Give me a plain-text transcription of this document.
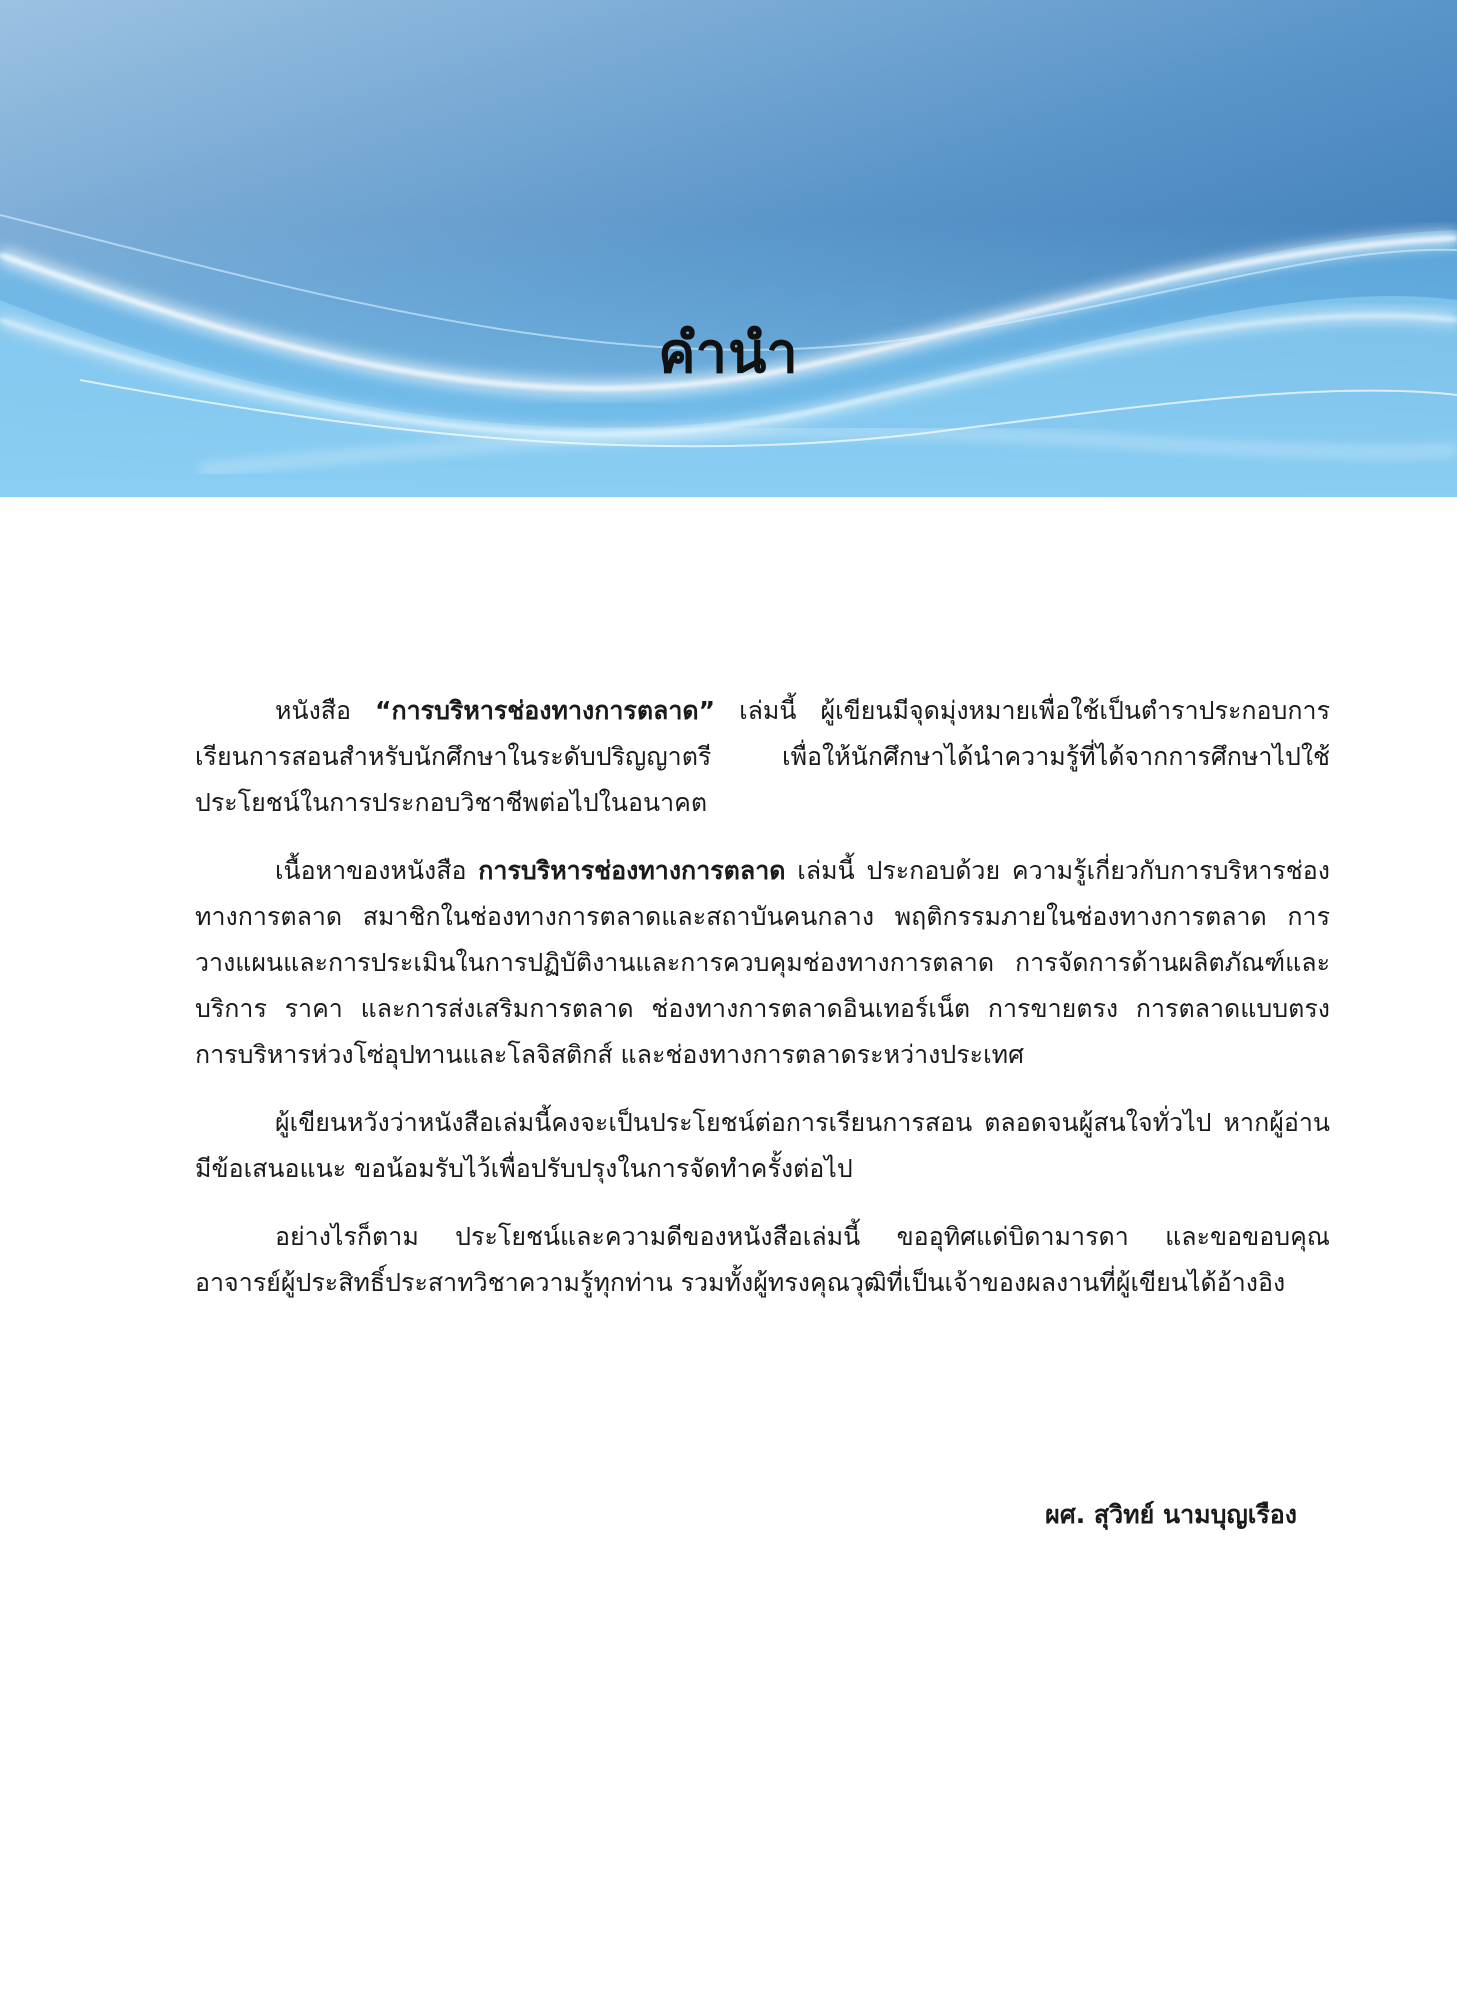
คำนำ

หนังสือ “การบริหารช่องทางการตลาด” เล่มนี้ ผู้เขียนมีจุดมุ่งหมายเพื่อใช้เป็นตำราประกอบการเรียนการสอนสำหรับนักศึกษาในระดับปริญญาตรี เพื่อให้นักศึกษาได้นำความรู้ที่ได้จากการศึกษาไปใช้ประโยชน์ในการประกอบวิชาชีพต่อไปในอนาคต

เนื้อหาของหนังสือ การบริหารช่องทางการตลาด เล่มนี้ ประกอบด้วย ความรู้เกี่ยวกับการบริหารช่องทางการตลาด สมาชิกในช่องทางการตลาดและสถาบันคนกลาง พฤติกรรมภายในช่องทางการตลาด การวางแผนและการประเมินในการปฏิบัติงานและการควบคุมช่องทางการตลาด การจัดการด้านผลิตภัณฑ์และบริการ ราคา และการส่งเสริมการตลาด ช่องทางการตลาดอินเทอร์เน็ต การขายตรง การตลาดแบบตรง การบริหารห่วงโซ่อุปทานและโลจิสติกส์ และช่องทางการตลาดระหว่างประเทศ

ผู้เขียนหวังว่าหนังสือเล่มนี้คงจะเป็นประโยชน์ต่อการเรียนการสอน ตลอดจนผู้สนใจทั่วไป หากผู้อ่านมีข้อเสนอแนะ ขอน้อมรับไว้เพื่อปรับปรุงในการจัดทำครั้งต่อไป

อย่างไรก็ตาม ประโยชน์และความดีของหนังสือเล่มนี้ ขออุทิศแด่บิดามารดา และขอขอบคุณอาจารย์ผู้ประสิทธิ์ประสาทวิชาความรู้ทุกท่าน รวมทั้งผู้ทรงคุณวุฒิที่เป็นเจ้าของผลงานที่ผู้เขียนได้อ้างอิง

ผศ. สุวิทย์ นามบุญเรือง
